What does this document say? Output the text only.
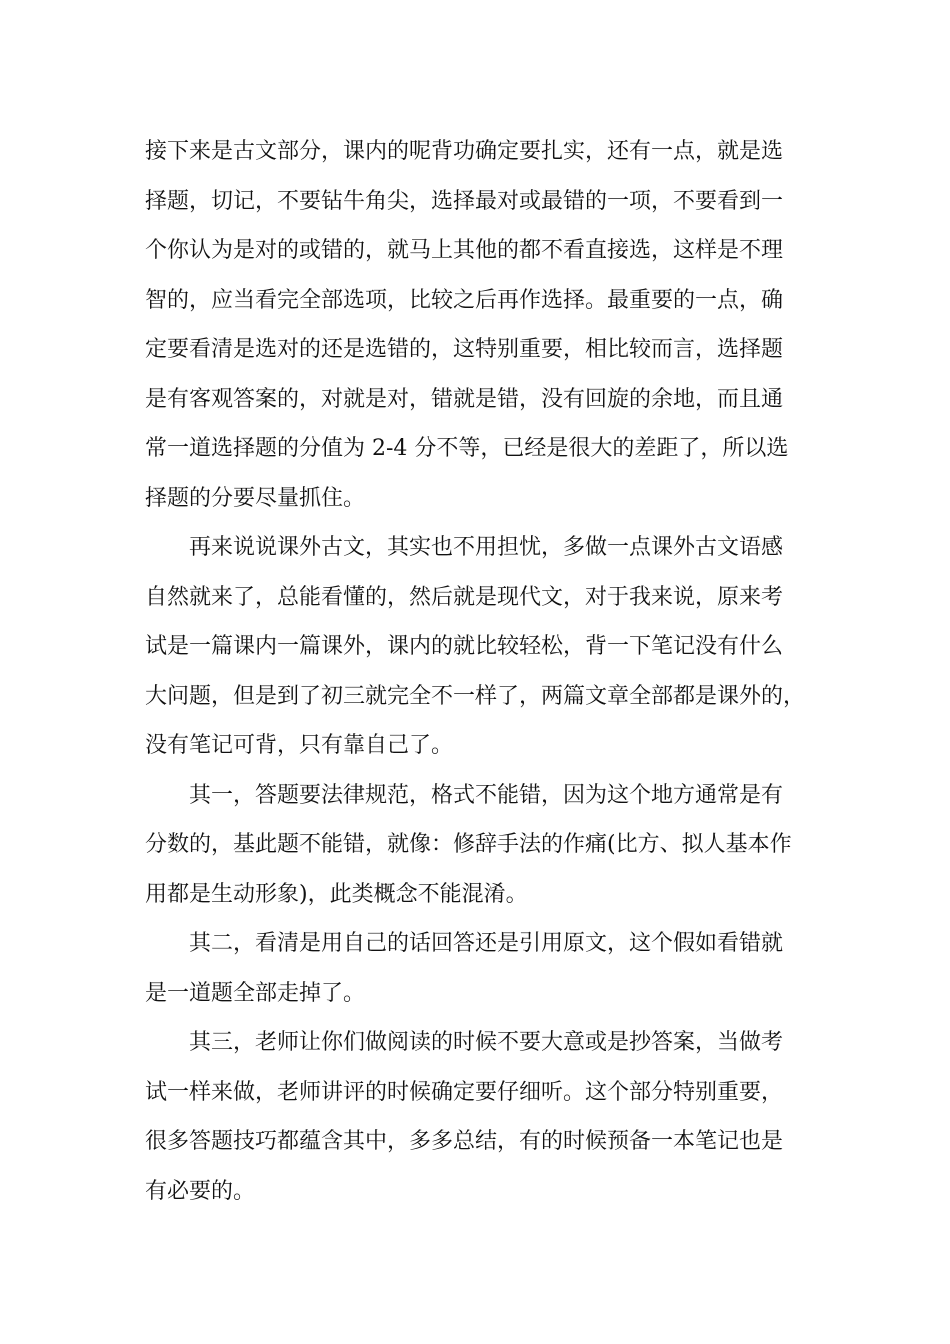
接下来是古文部分，课内的呢背功确定要扎实，还有一点，就是选
择题，切记，不要钻牛角尖，选择最对或最错的一项，不要看到一
个你认为是对的或错的，就马上其他的都不看直接选，这样是不理
智的，应当看完全部选项，比较之后再作选择。最重要的一点，确
定要看清是选对的还是选错的，这特别重要，相比较而言，选择题
是有客观答案的，对就是对，错就是错，没有回旋的余地，而且通
常一道选择题的分值为 2-4 分不等，已经是很大的差距了，所以选
择题的分要尽量抓住。
　　再来说说课外古文，其实也不用担忧，多做一点课外古文语感
自然就来了，总能看懂的，然后就是现代文，对于我来说，原来考
试是一篇课内一篇课外，课内的就比较轻松，背一下笔记没有什么
大问题，但是到了初三就完全不一样了，两篇文章全部都是课外的，
没有笔记可背，只有靠自己了。
　　其一，答题要法律规范，格式不能错，因为这个地方通常是有
分数的，基此题不能错，就像：修辞手法的作痛(比方、拟人基本作
用都是生动形象)，此类概念不能混淆。
　　其二，看清是用自己的话回答还是引用原文，这个假如看错就
是一道题全部走掉了。
　　其三，老师让你们做阅读的时候不要大意或是抄答案，当做考
试一样来做，老师讲评的时候确定要仔细听。这个部分特别重要，
很多答题技巧都蕴含其中，多多总结，有的时候预备一本笔记也是
有必要的。
